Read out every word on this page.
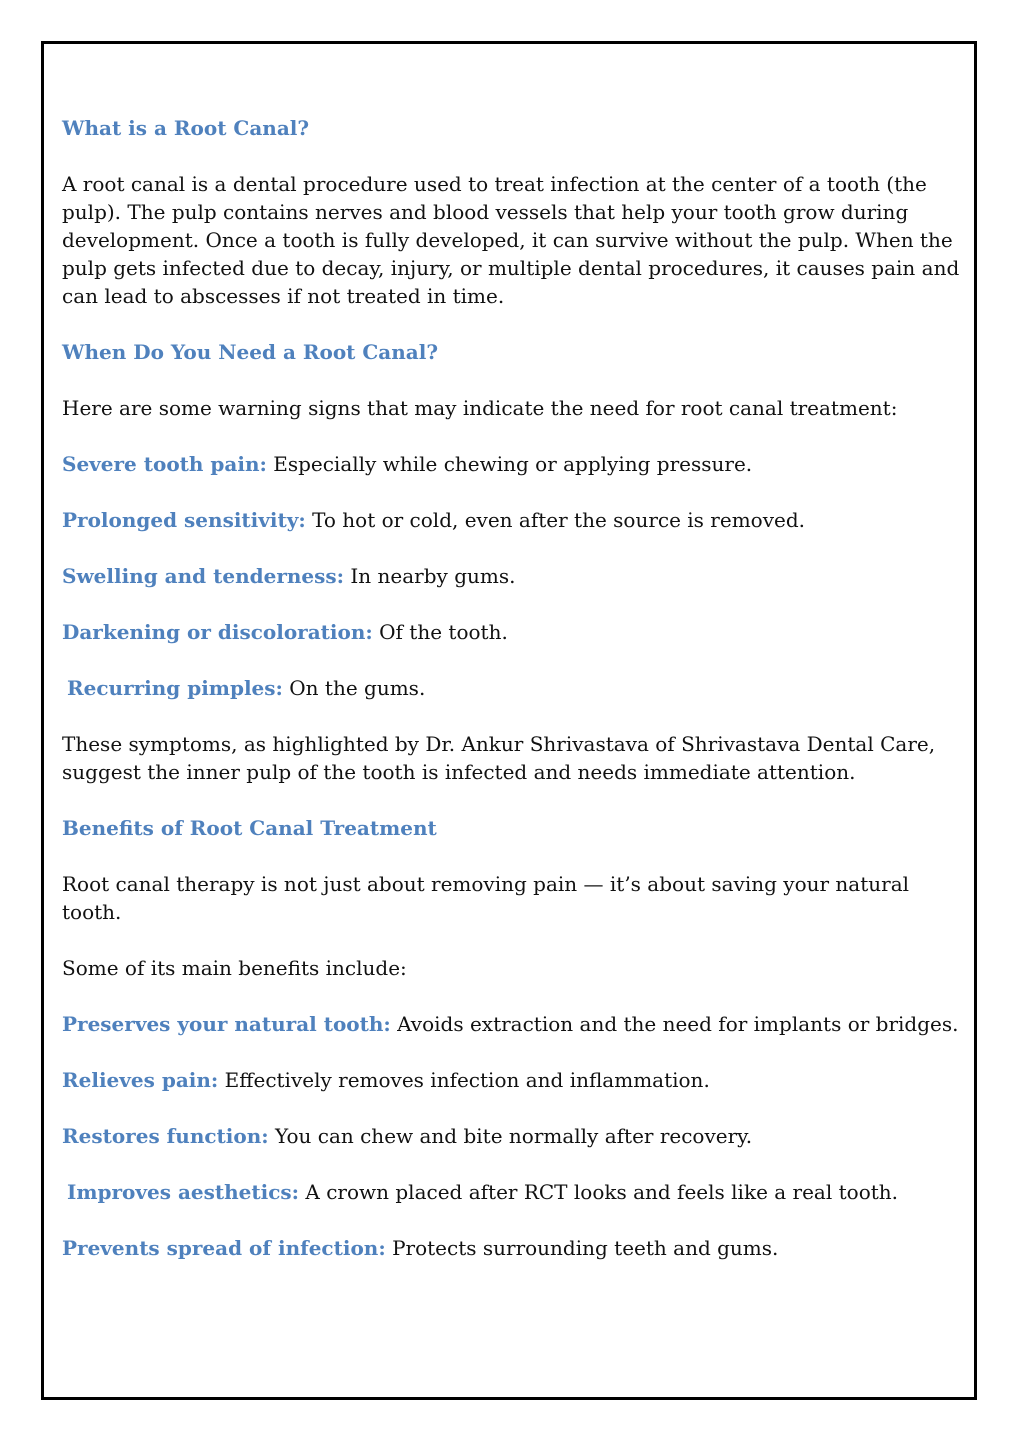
What is a Root Canal?
A root canal is a dental procedure used to treat infection at the center of a tooth (the pulp). The pulp contains nerves and blood vessels that help your tooth grow during development. Once a tooth is fully developed, it can survive without the pulp. When the pulp gets infected due to decay, injury, or multiple dental procedures, it causes pain and can lead to abscesses if not treated in time.
When Do You Need a Root Canal?
Here are some warning signs that may indicate the need for root canal treatment:
Severe tooth pain: Especially while chewing or applying pressure.
Prolonged sensitivity: To hot or cold, even after the source is removed.
Swelling and tenderness: In nearby gums.
Darkening or discoloration: Of the tooth.
Recurring pimples: On the gums.
These symptoms, as highlighted by Dr. Ankur Shrivastava of Shrivastava Dental Care, suggest the inner pulp of the tooth is infected and needs immediate attention.
Benefits of Root Canal Treatment
Root canal therapy is not just about removing pain — it’s about saving your natural tooth.
Some of its main benefits include:
Preserves your natural tooth: Avoids extraction and the need for implants or bridges.
Relieves pain: Effectively removes infection and inflammation.
Restores function: You can chew and bite normally after recovery.
Improves aesthetics: A crown placed after RCT looks and feels like a real tooth.
Prevents spread of infection: Protects surrounding teeth and gums.
